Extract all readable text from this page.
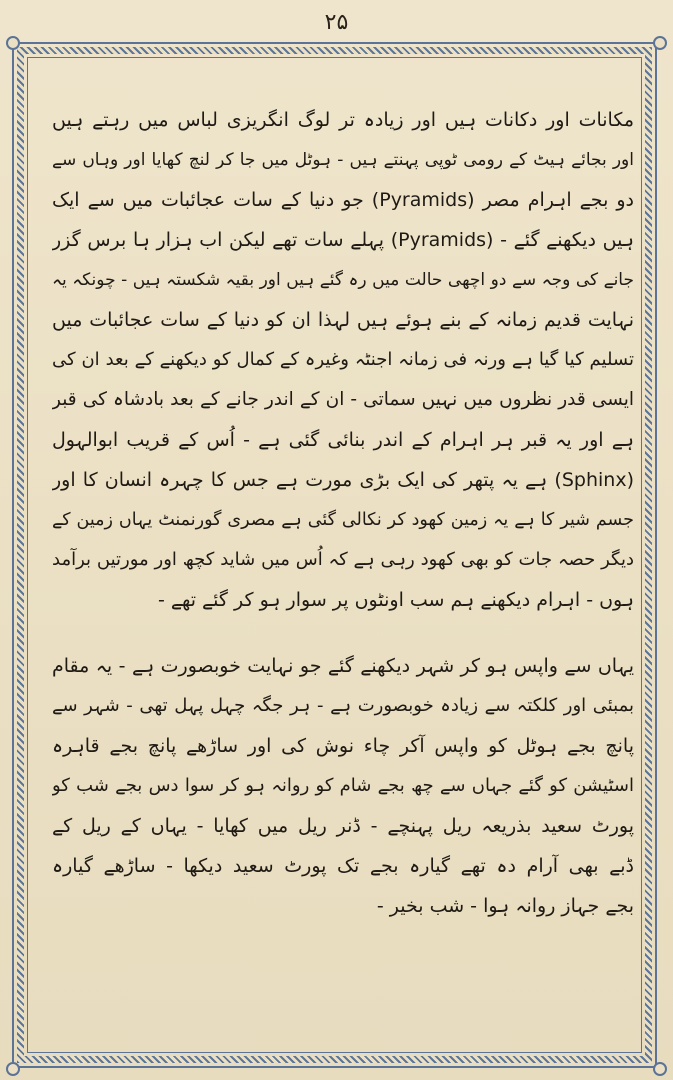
۲۵
مکانات اور دکانات ہیں اور زیادہ تر لوگ انگریزی لباس میں رہتے ہیں
اور بجائے ہیٹ کے رومی ٹوپی پہنتے ہیں - ہوٹل میں جا کر لنچ کھایا اور وہاں سے
دو بجے اہرام مصر (Pyramids) جو دنیا کے سات عجائبات میں سے ایک
ہیں دیکھنے گئے - (Pyramids) پہلے سات تھے لیکن اب ہزار ہا برس گزر
جانے کی وجہ سے دو اچھی حالت میں رہ گئے ہیں اور بقیہ شکستہ ہیں - چونکہ یہ
نہایت قدیم زمانہ کے بنے ہوئے ہیں لہذا ان کو دنیا کے سات عجائبات میں
تسلیم کیا گیا ہے ورنہ فی زمانہ اجنٹہ وغیرہ کے کمال کو دیکھنے کے بعد ان کی
ایسی قدر نظروں میں نہیں سماتی - ان کے اندر جانے کے بعد بادشاہ کی قبر
ہے اور یہ قبر ہر اہرام کے اندر بنائی گئی ہے - اُس کے قریب ابوالہول
(Sphinx) ہے یہ پتھر کی ایک بڑی مورت ہے جس کا چہرہ انسان کا اور
جسم شیر کا ہے یہ زمین کھود کر نکالی گئی ہے مصری گورنمنٹ یہاں زمین کے
دیگر حصہ جات کو بھی کھود رہی ہے کہ اُس میں شاید کچھ اور مورتیں برآمد
ہوں - اہرام دیکھنے ہم سب اونٹوں پر سوار ہو کر گئے تھے -
یہاں سے واپس ہو کر شہر دیکھنے گئے جو نہایت خوبصورت ہے - یہ مقام
بمبئی اور کلکتہ سے زیادہ خوبصورت ہے - ہر جگہ چہل پہل تھی - شہر سے
پانچ بجے ہوٹل کو واپس آکر چاء نوش کی اور ساڑھے پانچ بجے قاہرہ
اسٹیشن کو گئے جہاں سے چھ بجے شام کو روانہ ہو کر سوا دس بجے شب کو
پورٹ سعید بذریعہ ریل پہنچے - ڈنر ریل میں کھایا - یہاں کے ریل کے
ڈبے بھی آرام دہ تھے گیارہ بجے تک پورٹ سعید دیکھا - ساڑھے گیارہ
بجے جہاز روانہ ہوا - شب بخیر -
